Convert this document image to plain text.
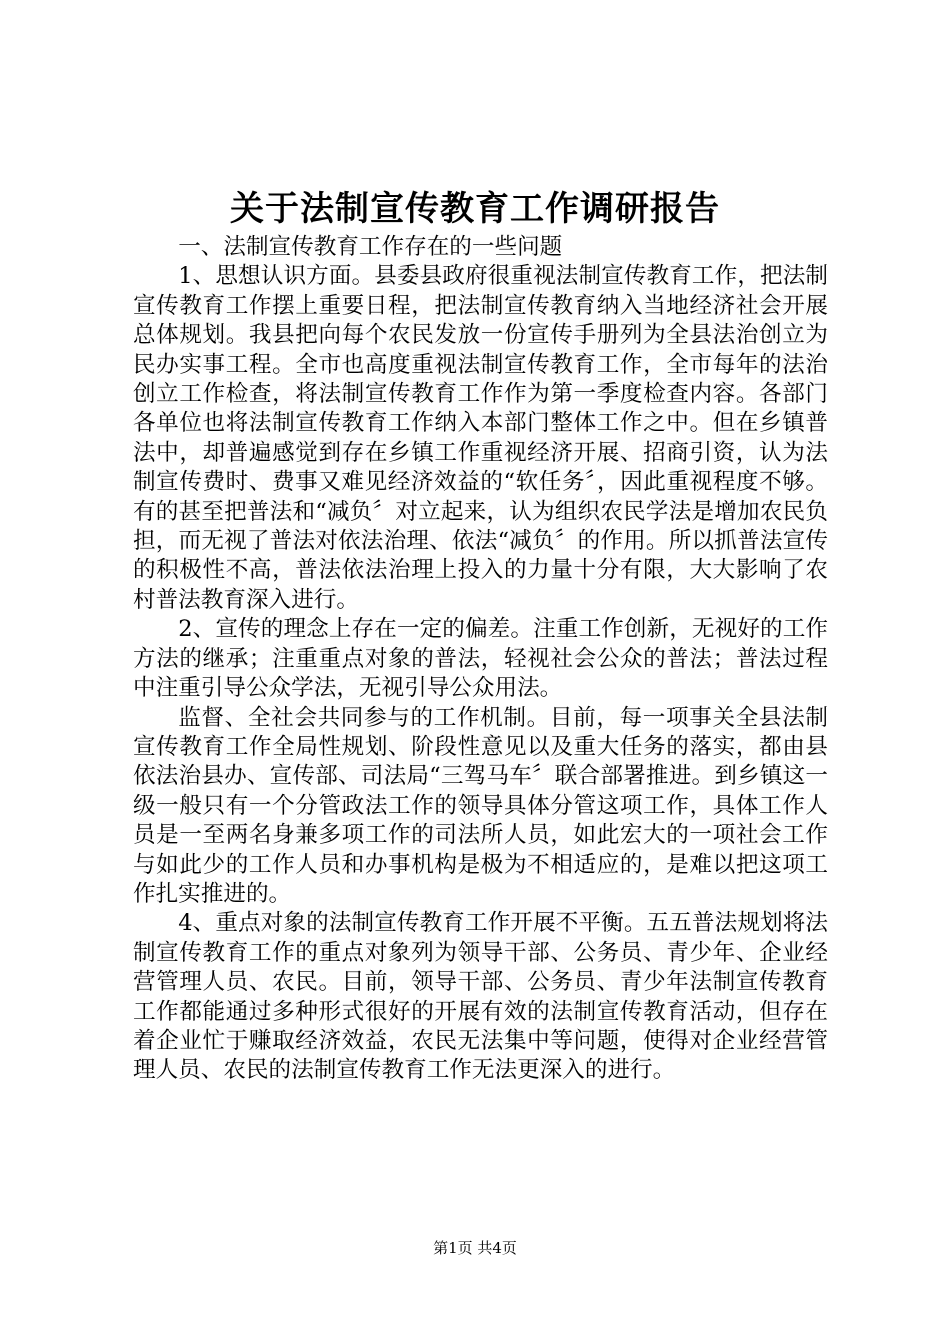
关于法制宣传教育工作调研报告

一、法制宣传教育工作存在的一些问题

1、思想认识方面。县委县政府很重视法制宣传教育工作，把法制宣传教育工作摆上重要日程，把法制宣传教育纳入当地经济社会开展总体规划。我县把向每个农民发放一份宣传手册列为全县法治创立为民办实事工程。全市也高度重视法制宣传教育工作，全市每年的法治创立工作检查，将法制宣传教育工作作为第一季度检查内容。各部门各单位也将法制宣传教育工作纳入本部门整体工作之中。但在乡镇普法中，却普遍感觉到存在乡镇工作重视经济开展、招商引资，认为法制宣传费时、费事又难见经济效益的“软任务〞，因此重视程度不够。有的甚至把普法和“减负〞对立起来，认为组织农民学法是增加农民负担，而无视了普法对依法治理、依法“减负〞的作用。所以抓普法宣传的积极性不高，普法依法治理上投入的力量十分有限，大大影响了农村普法教育深入进行。

2、宣传的理念上存在一定的偏差。注重工作创新，无视好的工作方法的继承；注重重点对象的普法，轻视社会公众的普法；普法过程中注重引导公众学法，无视引导公众用法。

监督、全社会共同参与的工作机制。目前，每一项事关全县法制宣传教育工作全局性规划、阶段性意见以及重大任务的落实，都由县依法治县办、宣传部、司法局“三驾马车〞联合部署推进。到乡镇这一级一般只有一个分管政法工作的领导具体分管这项工作，具体工作人员是一至两名身兼多项工作的司法所人员，如此宏大的一项社会工作与如此少的工作人员和办事机构是极为不相适应的，是难以把这项工作扎实推进的。

4、重点对象的法制宣传教育工作开展不平衡。五五普法规划将法制宣传教育工作的重点对象列为领导干部、公务员、青少年、企业经营管理人员、农民。目前，领导干部、公务员、青少年法制宣传教育工作都能通过多种形式很好的开展有效的法制宣传教育活动，但存在着企业忙于赚取经济效益，农民无法集中等问题，使得对企业经营管理人员、农民的法制宣传教育工作无法更深入的进行。

第1页 共4页
